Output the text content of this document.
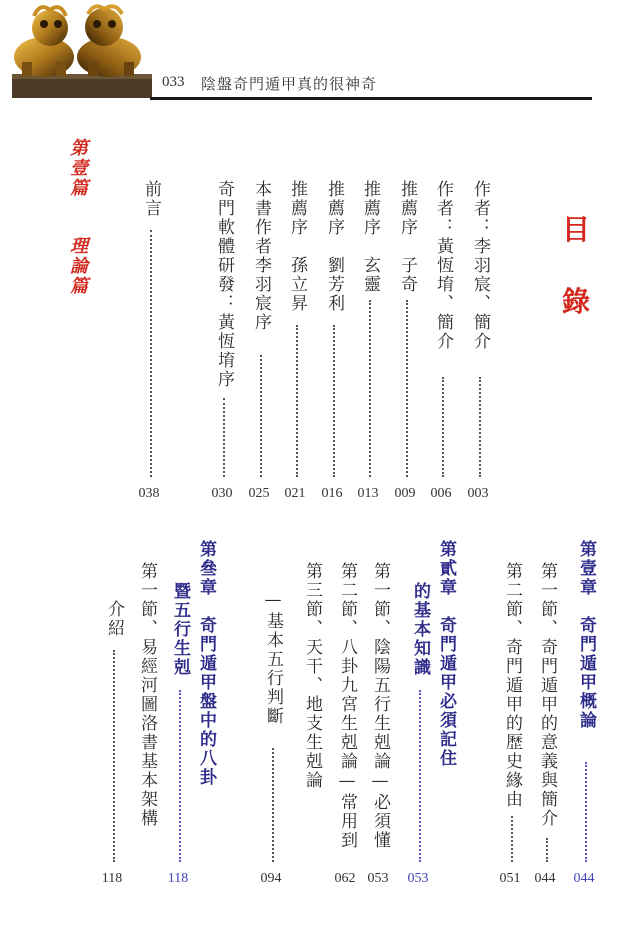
033 陰盤奇門遁甲真的很神奇
目
錄
第壹篇
理論篇	作者：李羽宸、簡介
003
作者：黃恆堉、簡介
006
推薦序　子奇
009
推薦序　玄靈
013
推薦序　劉芳利
016
推薦序　孫立昇
021
本書作者李羽宸序
025
奇門軟體研發：黃恆堉序
030
前言
038
第壹章　奇門遁甲概論
044
第一節、奇門遁甲的意義與簡介
044
第二節、奇門遁甲的歷史緣由
051
第貳章　奇門遁甲必須記住
的基本知識
053
第一節、陰陽五行生剋論—必須懂
053
第二節、八卦九宮生剋論—常用到
062
第三節、天干、地支生剋論
—基本五行判斷
094
第叄章　奇門遁甲盤中的八卦
暨五行生剋
118
第一節、易經河圖洛書基本架構
介紹
118
